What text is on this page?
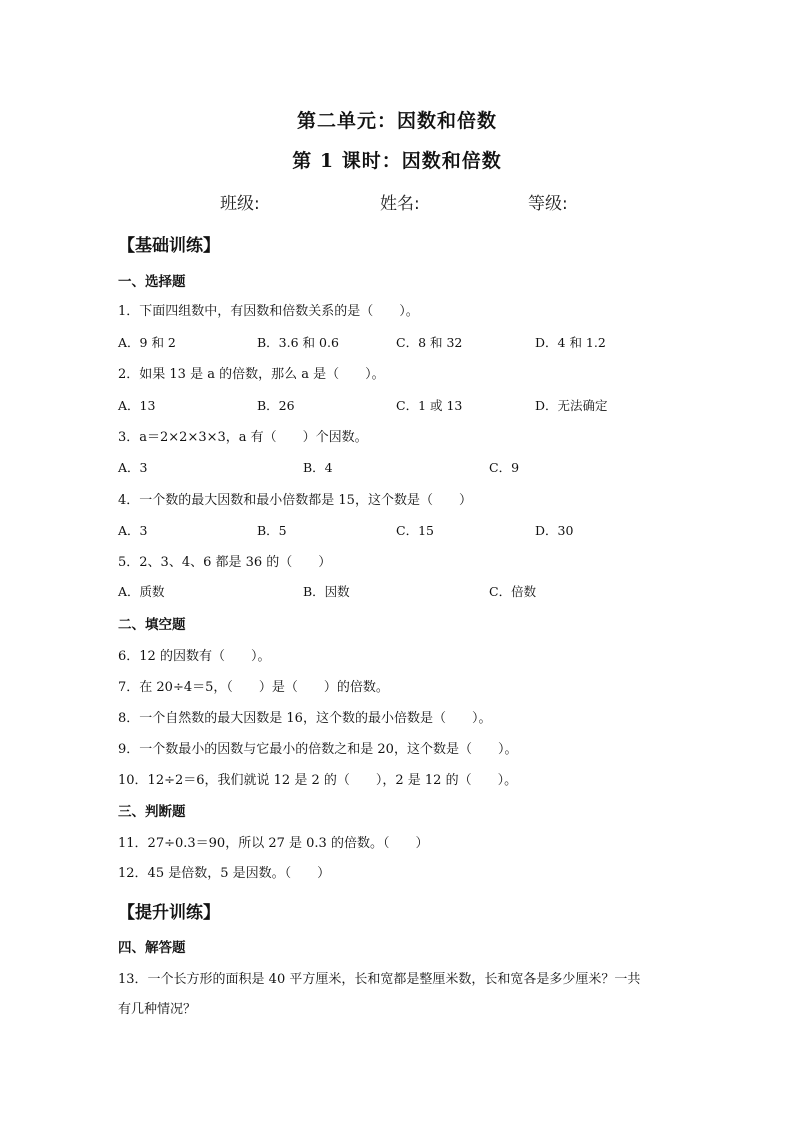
第二单元：因数和倍数
第 1 课时：因数和倍数
班级:	姓名:	等级:
【基础训练】
一、选择题
1．下面四组数中，有因数和倍数关系的是（　　）。
A．9 和 2	B．3.6 和 0.6	C．8 和 32	D．4 和 1.2
2．如果 13 是 a 的倍数，那么 a 是（　　）。
A．13	B．26	C．1 或 13	D．无法确定
3．a＝2×2×3×3，a 有（　　）个因数。
A．3	B．4	C．9
4．一个数的最大因数和最小倍数都是 15，这个数是（　　）
A．3	B．5	C．15	D．30
5．2、3、4、6 都是 36 的（　　）
A．质数	B．因数	C．倍数
二、填空题
6．12 的因数有（　　）。
7．在 20÷4＝5，（　　）是（　　）的倍数。
8．一个自然数的最大因数是 16，这个数的最小倍数是（　　）。
9．一个数最小的因数与它最小的倍数之和是 20，这个数是（　　）。
10．12÷2＝6，我们就说 12 是 2 的（　　），2 是 12 的（　　）。
三、判断题
11．27÷0.3＝90，所以 27 是 0.3 的倍数。（　　）
12．45 是倍数，5 是因数。（　　）
【提升训练】
四、解答题
13．一个长方形的面积是 40 平方厘米，长和宽都是整厘米数，长和宽各是多少厘米？一共
有几种情况？
